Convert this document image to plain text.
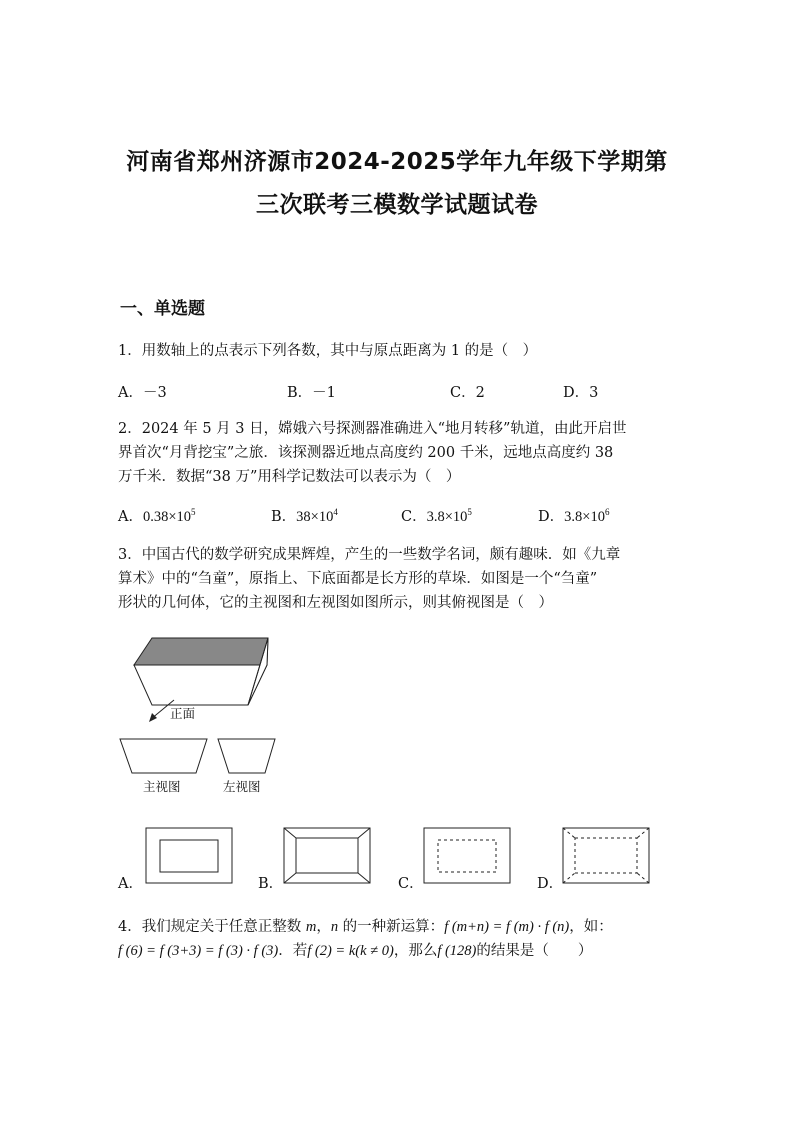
河南省郑州济源市2024-2025学年九年级下学期第
三次联考三模数学试题试卷
一、单选题
1．用数轴上的点表示下列各数，其中与原点距离为 1 的是（　）
A．－3	B．－1	C．2	D．3
2．2024 年 5 月 3 日，嫦娥六号探测器准确进入“地月转移”轨道，由此开启世
界首次“月背挖宝”之旅．该探测器近地点高度约 200 千米，远地点高度约 38
万千米．数据“38 万”用科学记数法可以表示为（　）
A．$0.38\times 10^5$	B．$38\times 10^4$	C．$3.8\times 10^5$	D．$3.8\times 10^6$
3．中国古代的数学研究成果辉煌，产生的一些数学名词，颇有趣味．如《九章
算术》中的“刍童”，原指上、下底面都是长方形的草垛．如图是一个“刍童”
形状的几何体，它的主视图和左视图如图所示，则其俯视图是（　）
正面
主视图	左视图
A．	B．	C．	D．
4．我们规定关于任意正整数 m，n 的一种新运算：f (m+n) = f (m) · f (n)，如：
f (6) = f (3+3) = f (3) · f (3)．若f (2) = k(k ≠ 0)，那么f (128)的结果是（　　）
